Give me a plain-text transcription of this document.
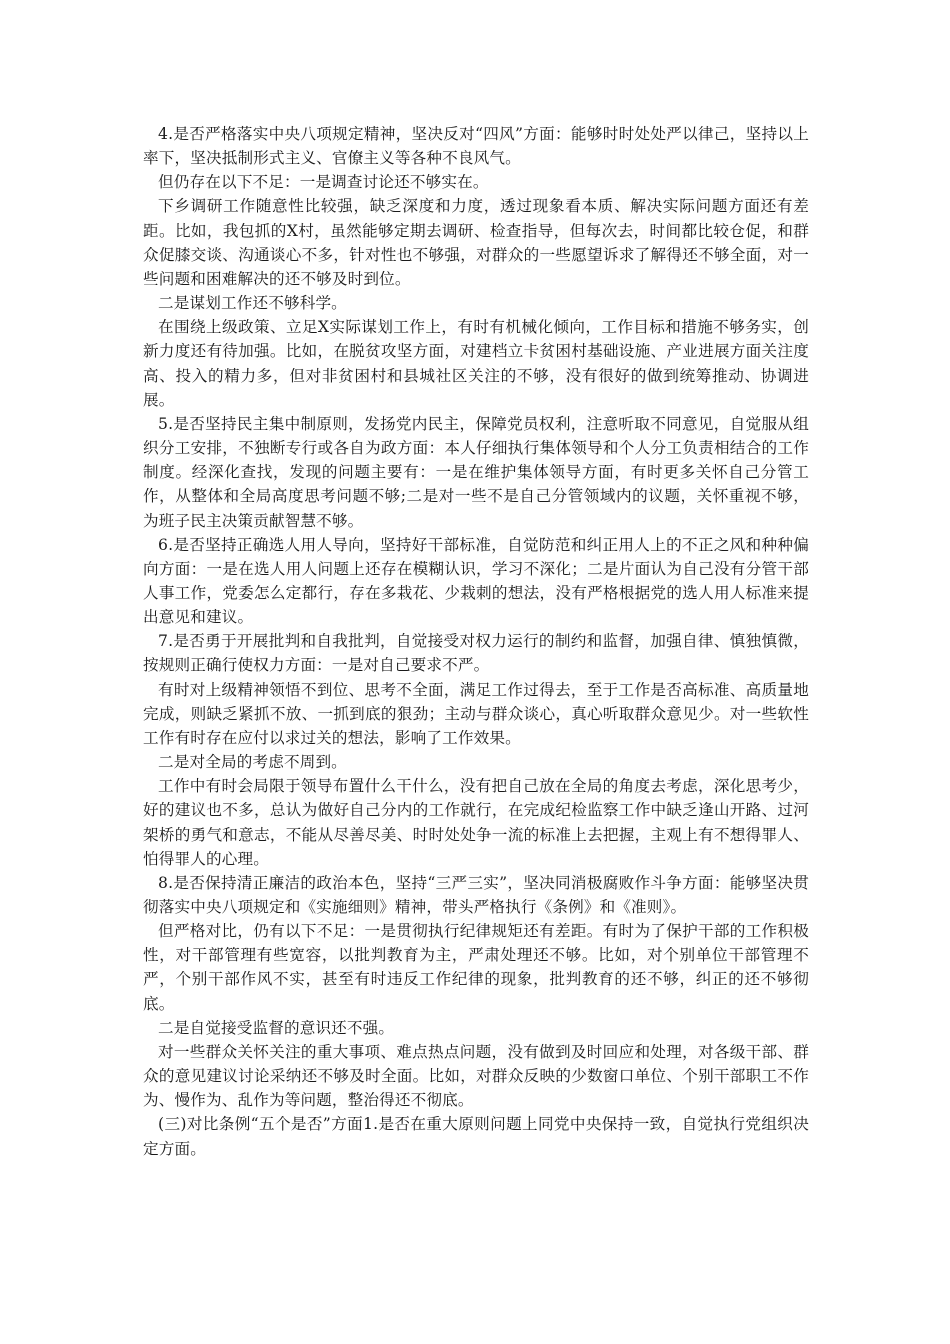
4.是否严格落实中央八项规定精神，坚决反对“四风”方面：能够时时处处严以律己，坚持以上率下，坚决抵制形式主义、官僚主义等各种不良风气。

但仍存在以下不足：一是调查讨论还不够实在。

下乡调研工作随意性比较强，缺乏深度和力度，透过现象看本质、解决实际问题方面还有差距。比如，我包抓的X村，虽然能够定期去调研、检查指导，但每次去，时间都比较仓促，和群众促膝交谈、沟通谈心不多，针对性也不够强，对群众的一些愿望诉求了解得还不够全面，对一些问题和困难解决的还不够及时到位。

二是谋划工作还不够科学。

在围绕上级政策、立足X实际谋划工作上，有时有机械化倾向，工作目标和措施不够务实，创新力度还有待加强。比如，在脱贫攻坚方面，对建档立卡贫困村基础设施、产业进展方面关注度高、投入的精力多，但对非贫困村和县城社区关注的不够，没有很好的做到统筹推动、协调进展。

5.是否坚持民主集中制原则，发扬党内民主，保障党员权利，注意听取不同意见，自觉服从组织分工安排，不独断专行或各自为政方面：本人仔细执行集体领导和个人分工负责相结合的工作制度。经深化查找，发现的问题主要有：一是在维护集体领导方面，有时更多关怀自己分管工作，从整体和全局高度思考问题不够;二是对一些不是自己分管领域内的议题，关怀重视不够，为班子民主决策贡献智慧不够。

6.是否坚持正确选人用人导向，坚持好干部标准，自觉防范和纠正用人上的不正之风和种种偏向方面：一是在选人用人问题上还存在模糊认识，学习不深化；二是片面认为自己没有分管干部人事工作，党委怎么定都行，存在多栽花、少栽刺的想法，没有严格根据党的选人用人标准来提出意见和建议。

7.是否勇于开展批判和自我批判，自觉接受对权力运行的制约和监督，加强自律、慎独慎微，按规则正确行使权力方面：一是对自己要求不严。

有时对上级精神领悟不到位、思考不全面，满足工作过得去，至于工作是否高标准、高质量地完成，则缺乏紧抓不放、一抓到底的狠劲；主动与群众谈心，真心听取群众意见少。对一些软性工作有时存在应付以求过关的想法，影响了工作效果。

二是对全局的考虑不周到。

工作中有时会局限于领导布置什么干什么，没有把自己放在全局的角度去考虑，深化思考少，好的建议也不多，总认为做好自己分内的工作就行，在完成纪检监察工作中缺乏逢山开路、过河架桥的勇气和意志，不能从尽善尽美、时时处处争一流的标准上去把握，主观上有不想得罪人、怕得罪人的心理。

8.是否保持清正廉洁的政治本色，坚持“三严三实”，坚决同消极腐败作斗争方面：能够坚决贯彻落实中央八项规定和《实施细则》精神，带头严格执行《条例》和《准则》。

但严格对比，仍有以下不足：一是贯彻执行纪律规矩还有差距。有时为了保护干部的工作积极性，对干部管理有些宽容，以批判教育为主，严肃处理还不够。比如，对个别单位干部管理不严，个别干部作风不实，甚至有时违反工作纪律的现象，批判教育的还不够，纠正的还不够彻底。

二是自觉接受监督的意识还不强。

对一些群众关怀关注的重大事项、难点热点问题，没有做到及时回应和处理，对各级干部、群众的意见建议讨论采纳还不够及时全面。比如，对群众反映的少数窗口单位、个别干部职工不作为、慢作为、乱作为等问题，整治得还不彻底。

(三)对比条例“五个是否”方面1.是否在重大原则问题上同党中央保持一致，自觉执行党组织决定方面。
